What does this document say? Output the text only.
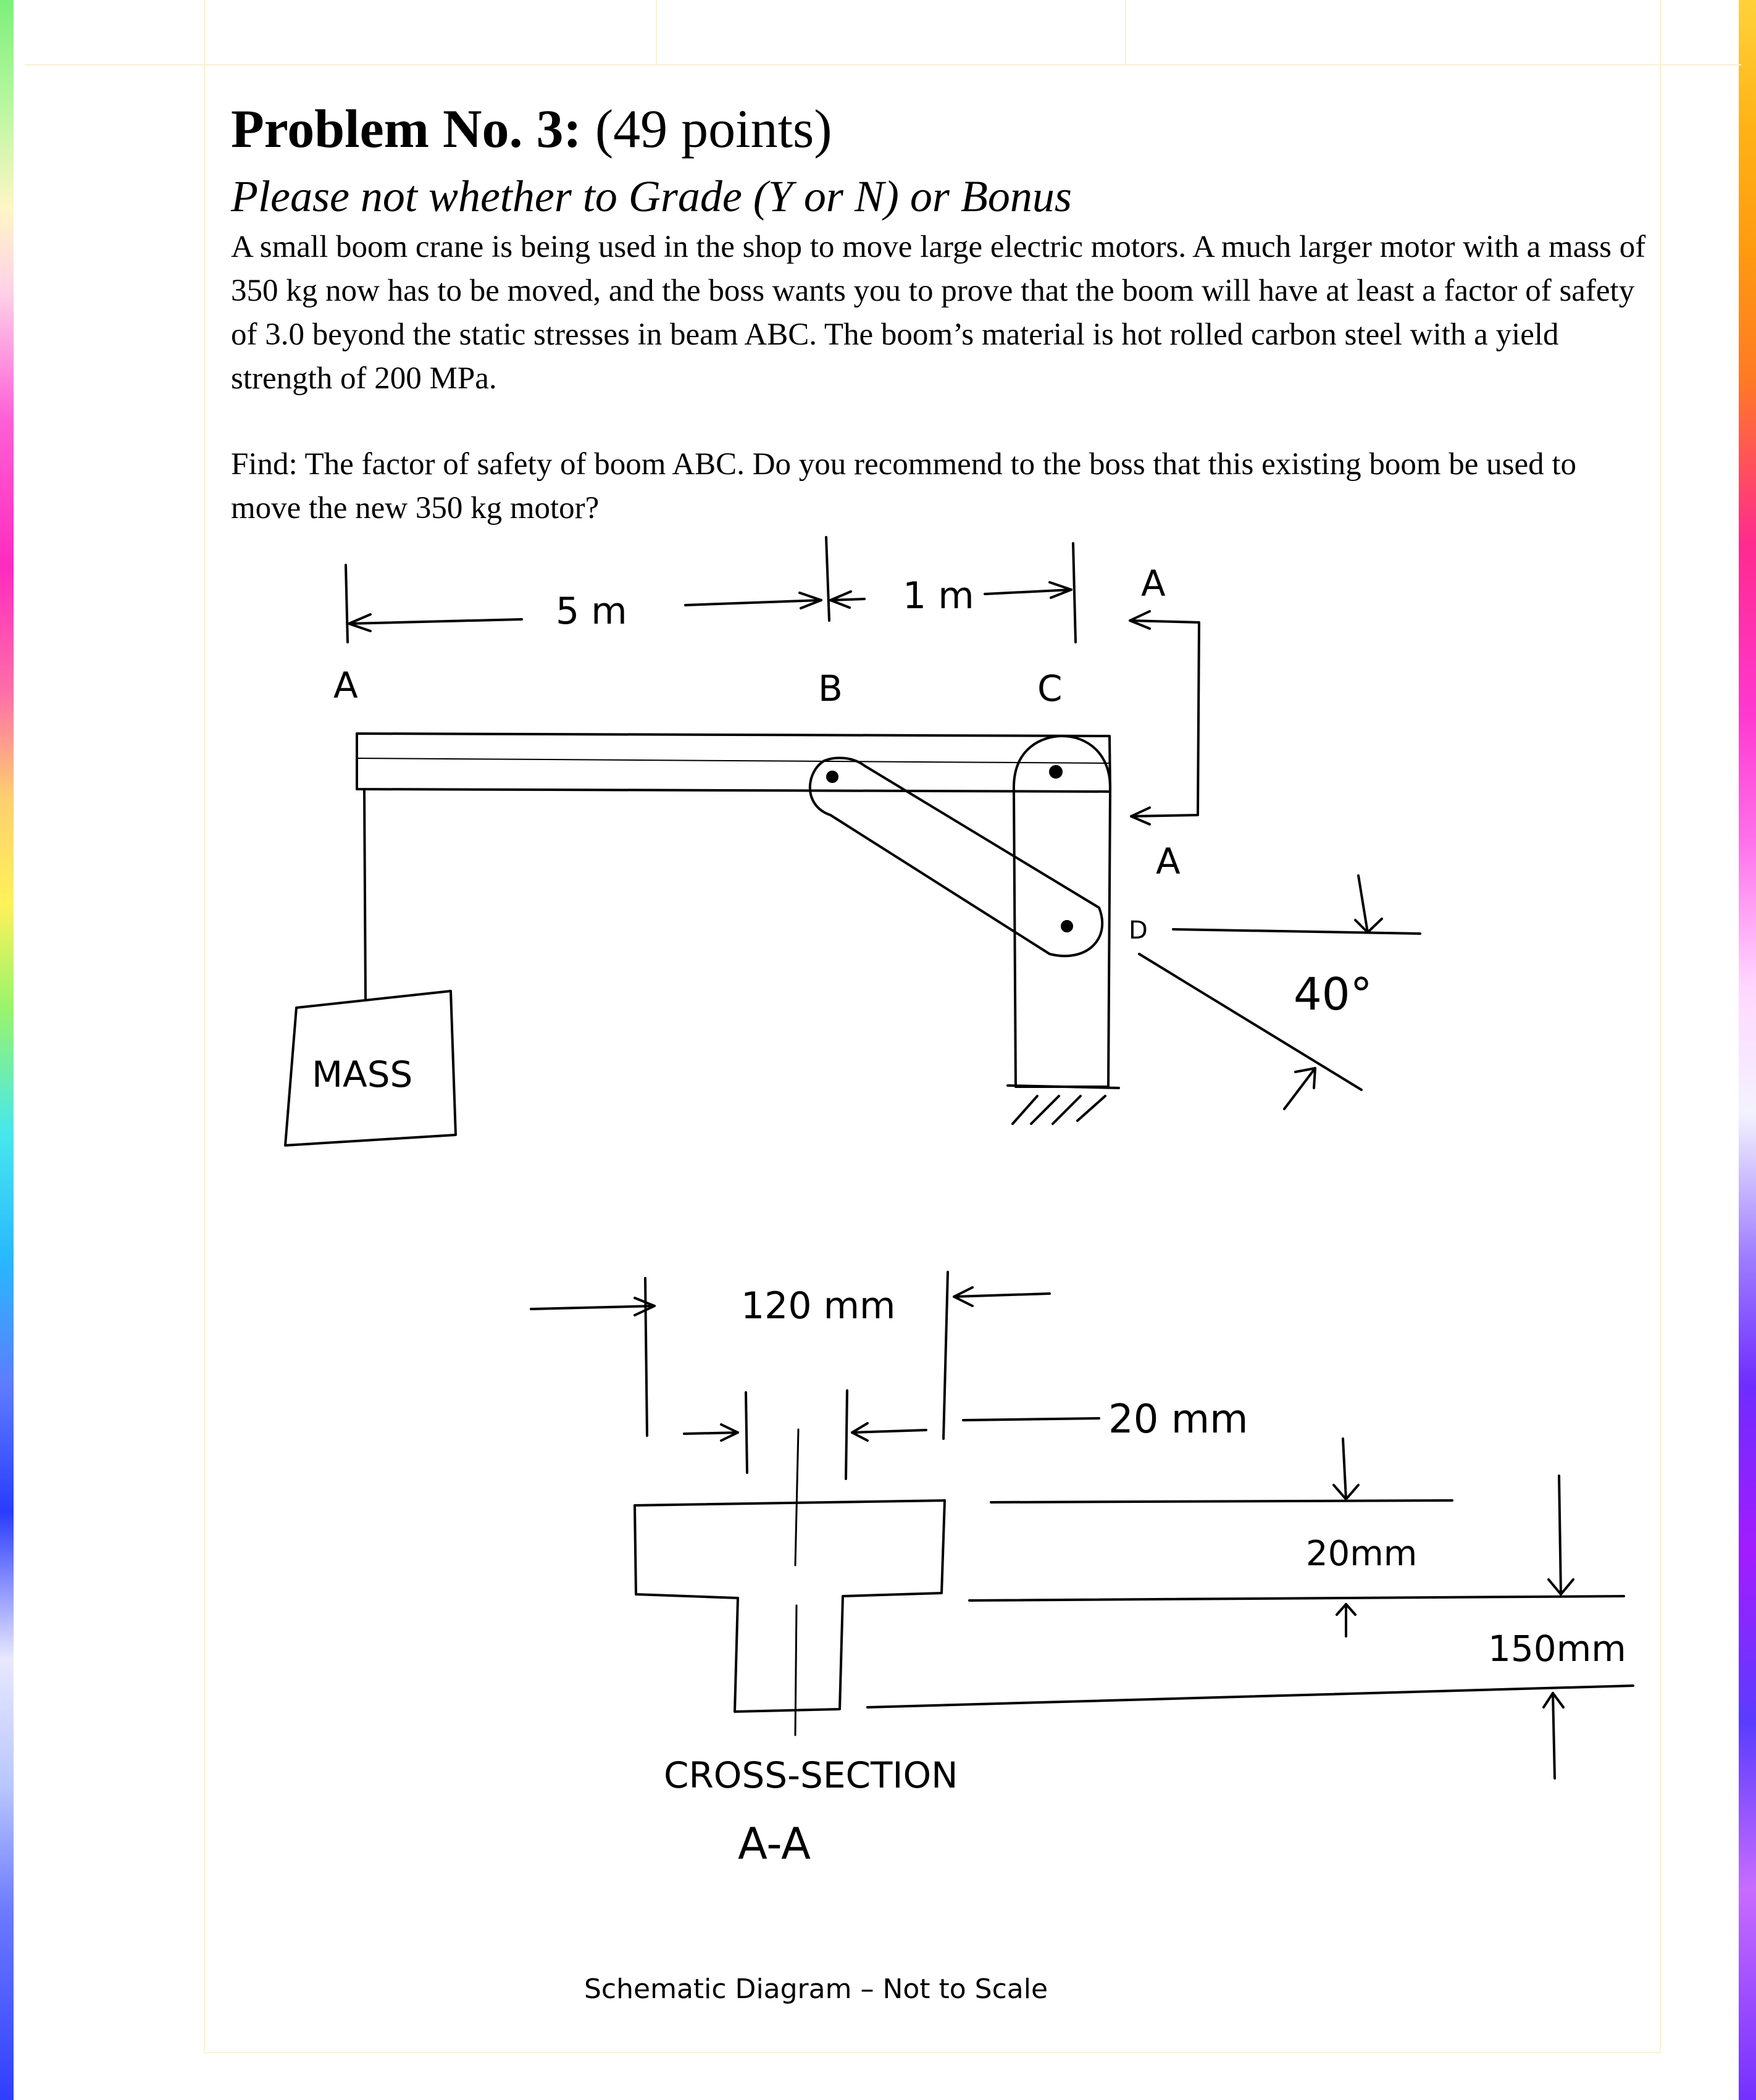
Problem No. 3: (49 points)
Please not whether to Grade (Y or N) or Bonus
A small boom crane is being used in the shop to move large electric motors. A much larger motor with a mass of 350 kg now has to be moved, and the boss wants you to prove that the boom will have at least a factor of safety of 3.0 beyond the static stresses in beam ABC. The boom’s material is hot rolled carbon steel with a yield strength of 200 MPa.
Find: The factor of safety of boom ABC. Do you recommend to the boss that this existing boom be used to move the new 350 kg motor?
5 m	1 m
A	B	C
A
A
MASS
D
40°
120 mm
20 mm
20mm
150mm
CROSS-SECTION
A-A
Schematic Diagram – Not to Scale
